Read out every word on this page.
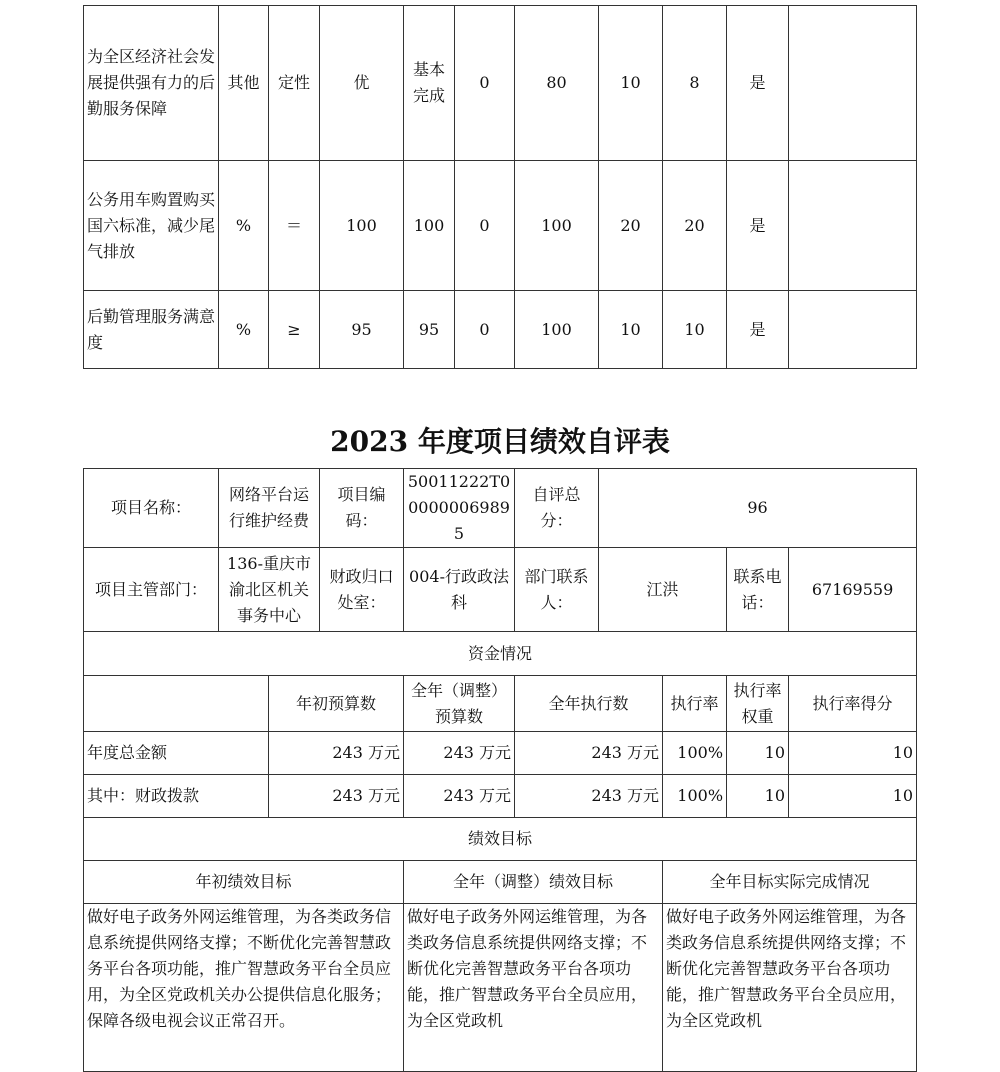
为全区经济社会发展提供强有力的后勤服务保障	其他	定性	优	基本完成	0	80	10	8	是	
公务用车购置购买国六标准，减少尾气排放	%	＝	100	100	0	100	20	20	是	
后勤管理服务满意度	%	≥	95	95	0	100	10	10	是	
2023 年度项目绩效自评表
项目名称：	网络平台运行维护经费		项目编码：	50011222T000000069895	自评总分：	96			
项目主管部门：	136-重庆市渝北区机关事务中心		财政归口处室：	004-行政政法科	部门联系人：	江洪		联系电话：	67169559
资金情况									
		年初预算数		全年（调整）预算数	全年执行数		执行率	执行率权重	执行率得分
年度总金额		243 万元		243 万元	243 万元		100%	10	10
其中：财政拨款		243 万元		243 万元	243 万元		100%	10	10
绩效目标									
年初绩效目标				全年（调整）绩效目标			全年目标实际完成情况		
做好电子政务外网运维管理，为各类政务信息系统提供网络支撑；不断优化完善智慧政务平台各项功能，推广智慧政务平台全员应用，为全区党政机关办公提供信息化服务；保障各级电视会议正常召开。				做好电子政务外网运维管理，为各类政务信息系统提供网络支撑；不断优化完善智慧政务平台各项功能，推广智慧政务平台全员应用，为全区党政机			做好电子政务外网运维管理，为各类政务信息系统提供网络支撑；不断优化完善智慧政务平台各项功能，推广智慧政务平台全员应用，为全区党政机		
